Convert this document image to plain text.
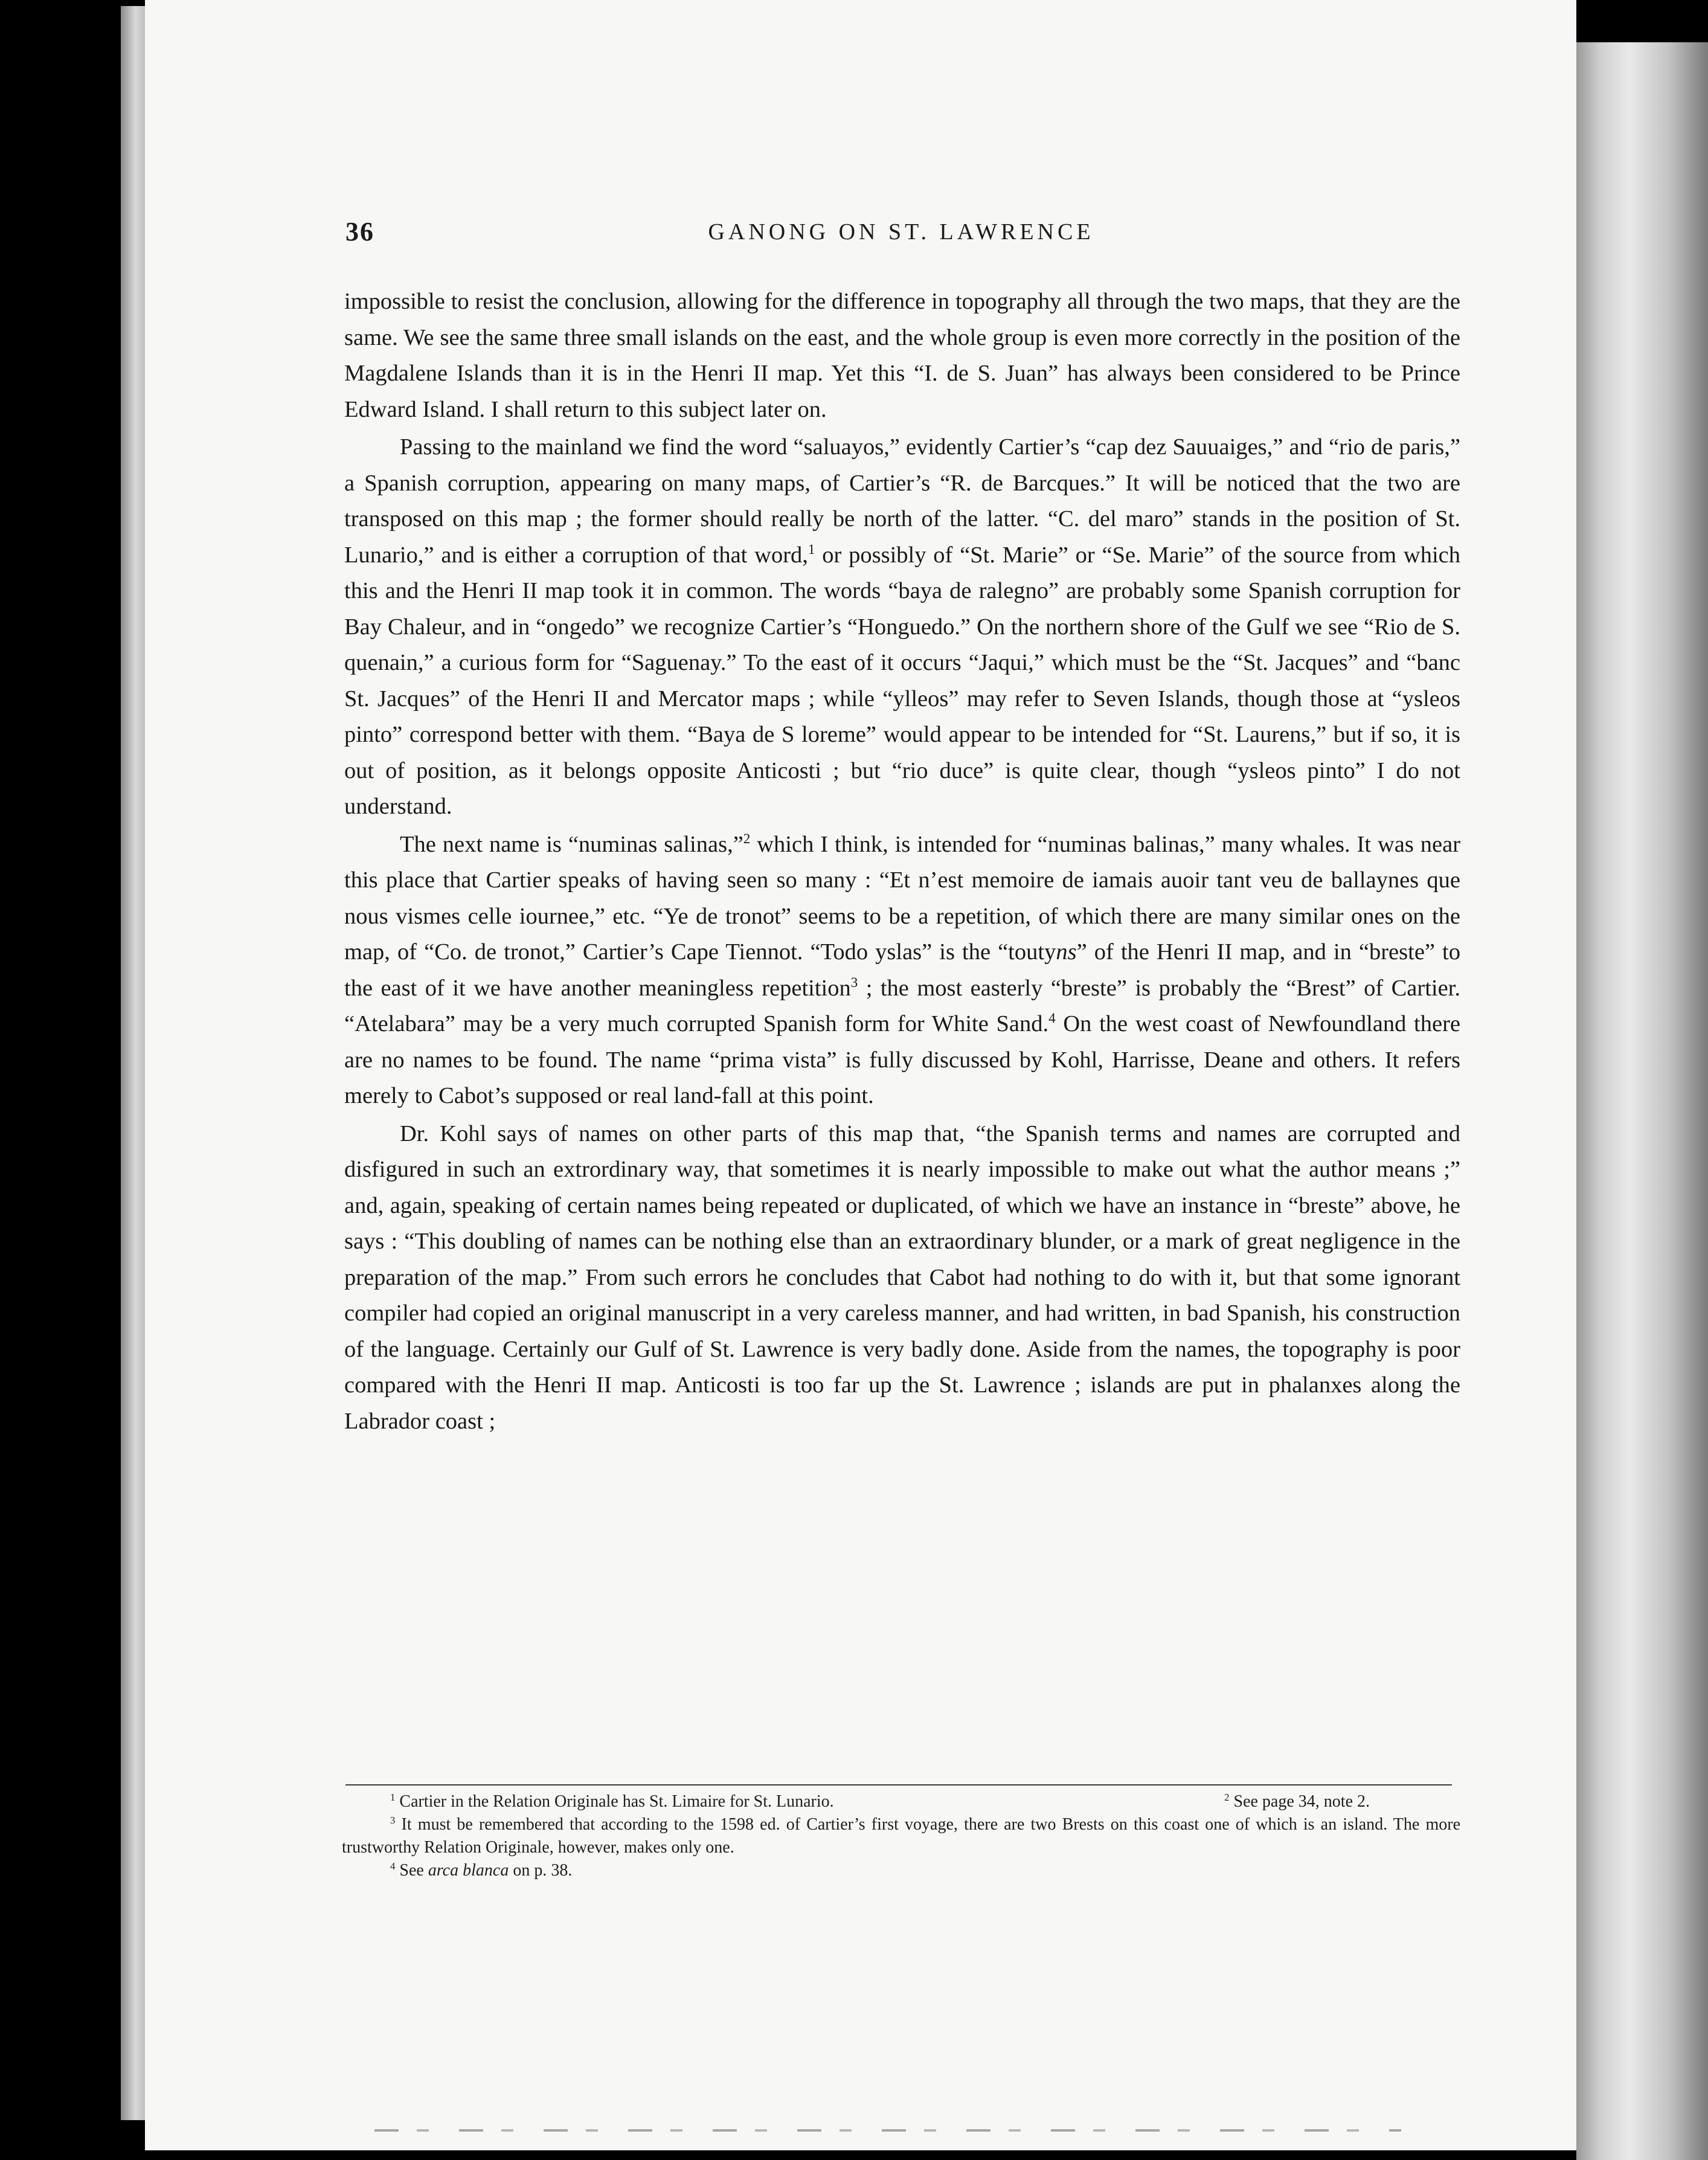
36	GANONG ON ST. LAWRENCE

impossible to resist the conclusion, allowing for the difference in topography all through the two maps, that they are the same. We see the same three small islands on the east, and the whole group is even more correctly in the position of the Magdalene Islands than it is in the Henri II map. Yet this “I. de S. Juan” has always been considered to be Prince Edward Island. I shall return to this subject later on.

Passing to the mainland we find the word “saluayos,” evidently Cartier’s “cap dez Sauuaiges,” and “rio de paris,” a Spanish corruption, appearing on many maps, of Cartier’s “R. de Barcques.” It will be noticed that the two are transposed on this map ; the former should really be north of the latter. “C. del maro” stands in the position of St. Lunario,” and is either a corruption of that word,$^1$ or possibly of “St. Marie” or “Se. Marie” of the source from which this and the Henri II map took it in common. The words “baya de ralegno” are probably some Spanish corruption for Bay Chaleur, and in “ongedo” we recognize Cartier’s “Honguedo.” On the northern shore of the Gulf we see “Rio de S. quenain,” a curious form for “Saguenay.” To the east of it occurs “Jaqui,” which must be the “St. Jacques” and “banc St. Jacques” of the Henri II and Mercator maps ; while “ylleos” may refer to Seven Islands, though those at “ysleos pinto” correspond better with them. “Baya de S loreme” would appear to be intended for “St. Laurens,” but if so, it is out of position, as it belongs opposite Anticosti ; but “rio duce” is quite clear, though “ysleos pinto” I do not understand.

The next name is “numinas salinas,”$^2$ which I think, is intended for “numinas balinas,” many whales. It was near this place that Cartier speaks of having seen so many : “Et n’est memoire de iamais auoir tant veu de ballaynes que nous vismes celle iournee,” etc. “Ye de tronot” seems to be a repetition, of which there are many similar ones on the map, of “Co. de tronot,” Cartier’s Cape Tiennot. “Todo yslas” is the “toutyns” of the Henri II map, and in “breste” to the east of it we have another meaningless repetition$^3$ ; the most easterly “breste” is probably the “Brest” of Cartier. “Atelabara” may be a very much corrupted Spanish form for White Sand.$^4$ On the west coast of Newfoundland there are no names to be found. The name “prima vista” is fully discussed by Kohl, Harrisse, Deane and others. It refers merely to Cabot’s supposed or real land-fall at this point.

Dr. Kohl says of names on other parts of this map that, “the Spanish terms and names are corrupted and disfigured in such an extrordinary way, that sometimes it is nearly impossible to make out what the author means ;” and, again, speaking of certain names being repeated or duplicated, of which we have an instance in “breste” above, he says : “This doubling of names can be nothing else than an extraordinary blunder, or a mark of great negligence in the preparation of the map.” From such errors he concludes that Cabot had nothing to do with it, but that some ignorant compiler had copied an original manuscript in a very careless manner, and had written, in bad Spanish, his construction of the language. Certainly our Gulf of St. Lawrence is very badly done. Aside from the names, the topography is poor compared with the Henri II map. Anticosti is too far up the St. Lawrence ; islands are put in phalanxes along the Labrador coast ;

$^1$ Cartier in the Relation Originale has St. Limaire for St. Lunario.	$^2$ See page 34, note 2.
$^3$ It must be remembered that according to the 1598 ed. of Cartier’s first voyage, there are two Brests on this coast one of which is an island. The more trustworthy Relation Originale, however, makes only one.
$^4$ See arca blanca on p. 38.
